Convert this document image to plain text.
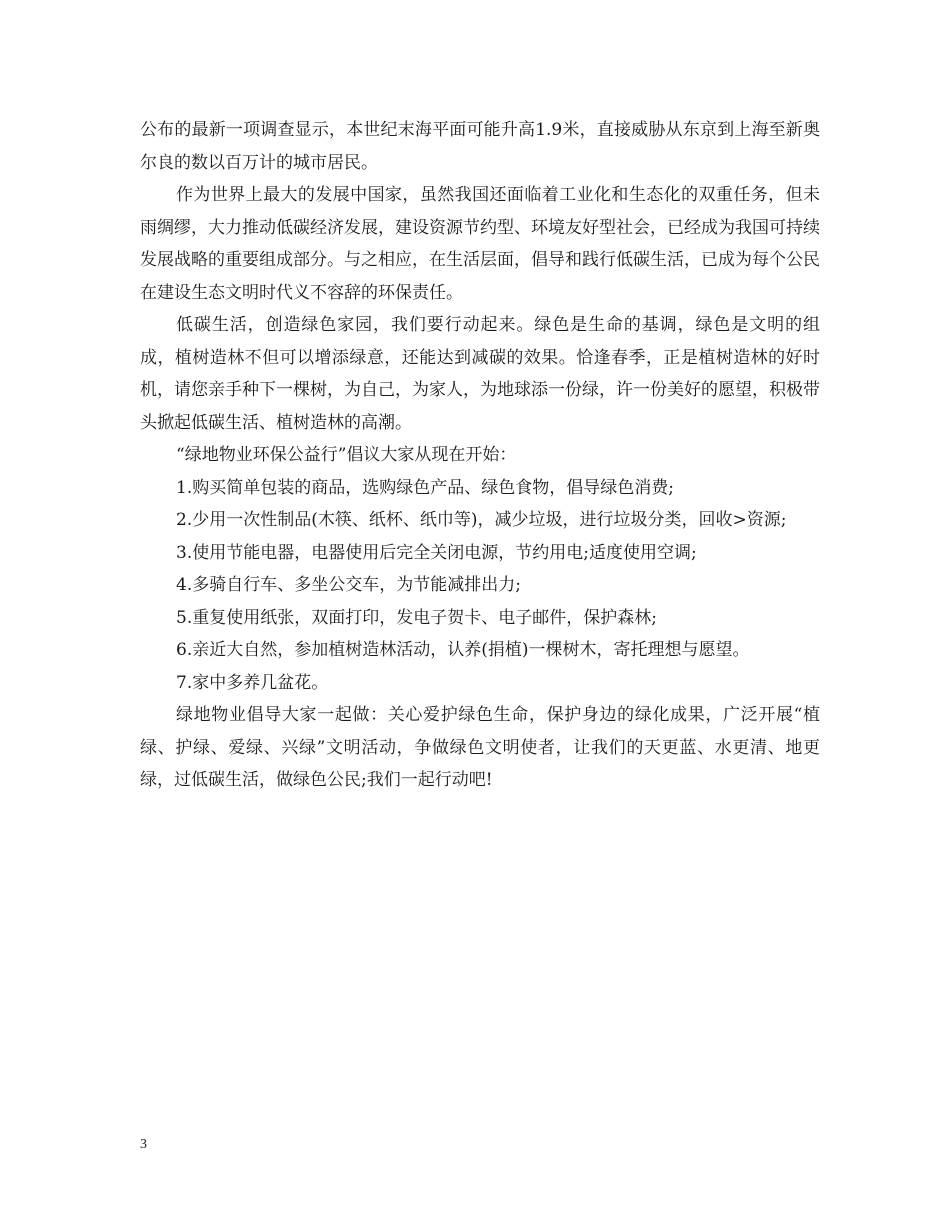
公布的最新一项调查显示，本世纪末海平面可能升高1.9米，直接威胁从东京到上海至新奥尔良的数以百万计的城市居民。

作为世界上最大的发展中国家，虽然我国还面临着工业化和生态化的双重任务，但未雨绸缪，大力推动低碳经济发展，建设资源节约型、环境友好型社会，已经成为我国可持续发展战略的重要组成部分。与之相应，在生活层面，倡导和践行低碳生活，已成为每个公民在建设生态文明时代义不容辞的环保责任。

低碳生活，创造绿色家园，我们要行动起来。绿色是生命的基调，绿色是文明的组成，植树造林不但可以增添绿意，还能达到减碳的效果。恰逢春季，正是植树造林的好时机，请您亲手种下一棵树，为自己，为家人，为地球添一份绿，许一份美好的愿望，积极带头掀起低碳生活、植树造林的高潮。

“绿地物业环保公益行”倡议大家从现在开始：

1.购买简单包装的商品，选购绿色产品、绿色食物，倡导绿色消费;

2.少用一次性制品(木筷、纸杯、纸巾等)，减少垃圾，进行垃圾分类，回收>资源;

3.使用节能电器，电器使用后完全关闭电源，节约用电;适度使用空调;

4.多骑自行车、多坐公交车，为节能减排出力;

5.重复使用纸张，双面打印，发电子贺卡、电子邮件，保护森林;

6.亲近大自然，参加植树造林活动，认养(捐植)一棵树木，寄托理想与愿望。

7.家中多养几盆花。

绿地物业倡导大家一起做：关心爱护绿色生命，保护身边的绿化成果，广泛开展“植绿、护绿、爱绿、兴绿”文明活动，争做绿色文明使者，让我们的天更蓝、水更清、地更绿，过低碳生活，做绿色公民;我们一起行动吧!

3
